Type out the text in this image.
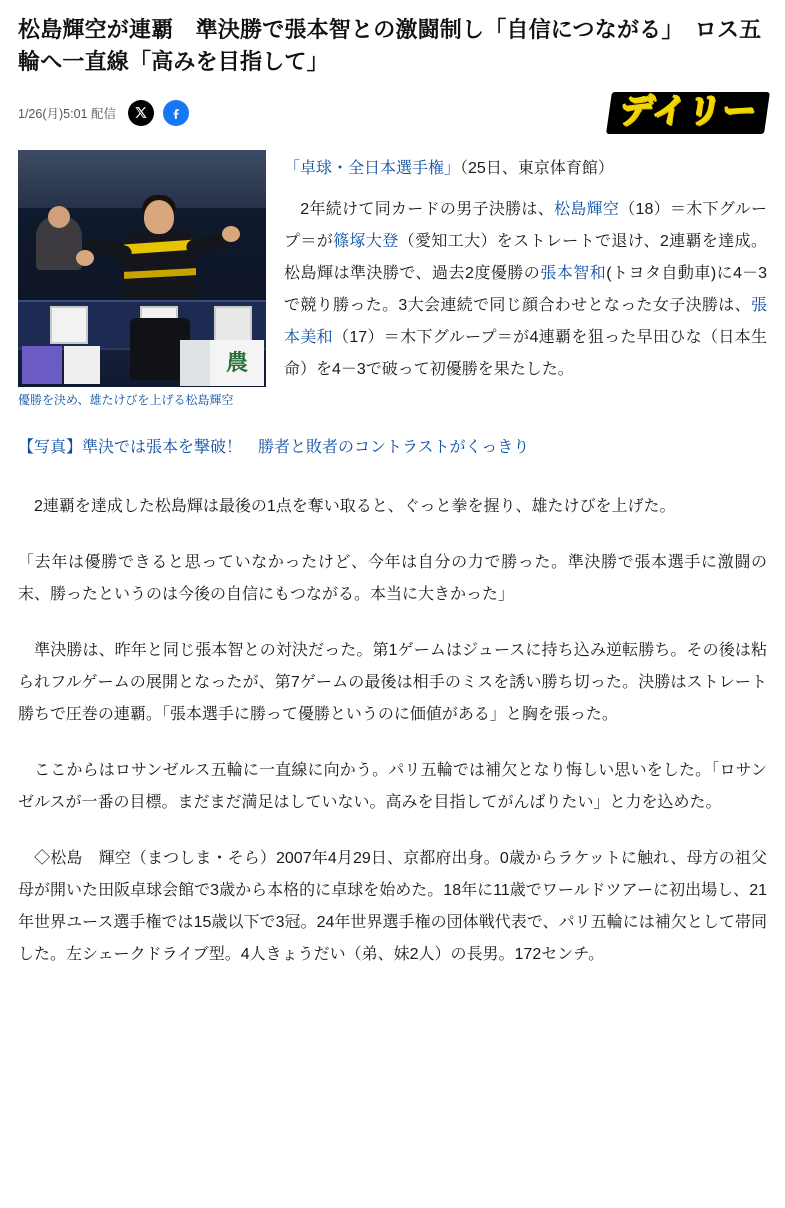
松島輝空が連覇　準決勝で張本智との激闘制し「自信につながる」　ロス五輪へ一直線「高みを目指して」
1/26(月)5:01 配信	デイリー
農
優勝を決め、雄たけびを上げる松島輝空
「卓球・全日本選手権」（25日、東京体育館）

　2年続けて同カードの男子決勝は、松島輝空（18）＝木下グループ＝が篠塚大登（愛知工大）をストレートで退け、2連覇を達成。松島輝は準決勝で、過去2度優勝の張本智和(トヨタ自動車)に4－3で競り勝った。3大会連続で同じ顔合わせとなった女子決勝は、張本美和（17）＝木下グループ＝が4連覇を狙った早田ひな（日本生命）を4－3で破って初優勝を果たした。

【写真】準決では張本を撃破！　勝者と敗者のコントラストがくっきり

　2連覇を達成した松島輝は最後の1点を奪い取ると、ぐっと拳を握り、雄たけびを上げた。

「去年は優勝できると思っていなかったけど、今年は自分の力で勝った。準決勝で張本選手に激闘の末、勝ったというのは今後の自信にもつながる。本当に大きかった」

　準決勝は、昨年と同じ張本智との対決だった。第1ゲームはジュースに持ち込み逆転勝ち。その後は粘られフルゲームの展開となったが、第7ゲームの最後は相手のミスを誘い勝ち切った。決勝はストレート勝ちで圧巻の連覇。「張本選手に勝って優勝というのに価値がある」と胸を張った。

　ここからはロサンゼルス五輪に一直線に向かう。パリ五輪では補欠となり悔しい思いをした。「ロサンゼルスが一番の目標。まだまだ満足はしていない。高みを目指してがんばりたい」と力を込めた。

　◇松島　輝空（まつしま・そら）2007年4月29日、京都府出身。0歳からラケットに触れ、母方の祖父母が開いた田阪卓球会館で3歳から本格的に卓球を始めた。18年に11歳でワールドツアーに初出場し、21年世界ユース選手権では15歳以下で3冠。24年世界選手権の団体戦代表で、パリ五輪には補欠として帯同した。左シェークドライブ型。4人きょうだい（弟、妹2人）の長男。172センチ。
